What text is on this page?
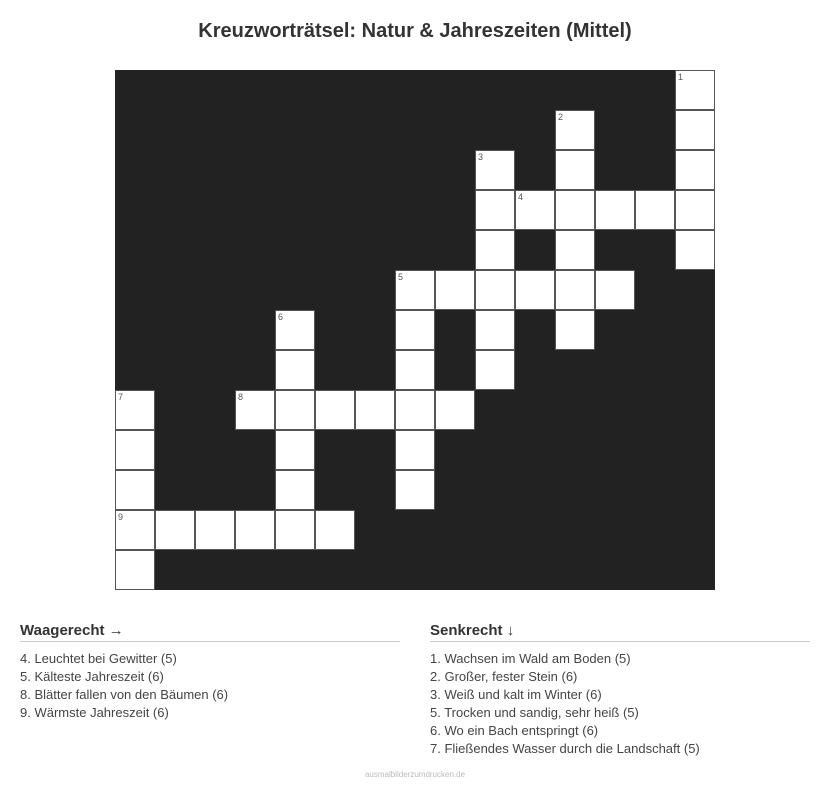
Kreuzworträtsel: Natur & Jahreszeiten (Mittel)
1
2
3
4
5
6
7	8
9
Waagerecht →
4. Leuchtet bei Gewitter (5)
5. Kälteste Jahreszeit (6)
8. Blätter fallen von den Bäumen (6)
9. Wärmste Jahreszeit (6)
Senkrecht ↓
1. Wachsen im Wald am Boden (5)
2. Großer, fester Stein (6)
3. Weiß und kalt im Winter (6)
5. Trocken und sandig, sehr heiß (5)
6. Wo ein Bach entspringt (6)
7. Fließendes Wasser durch die Landschaft (5)
ausmalbilderzumdrucken.de
